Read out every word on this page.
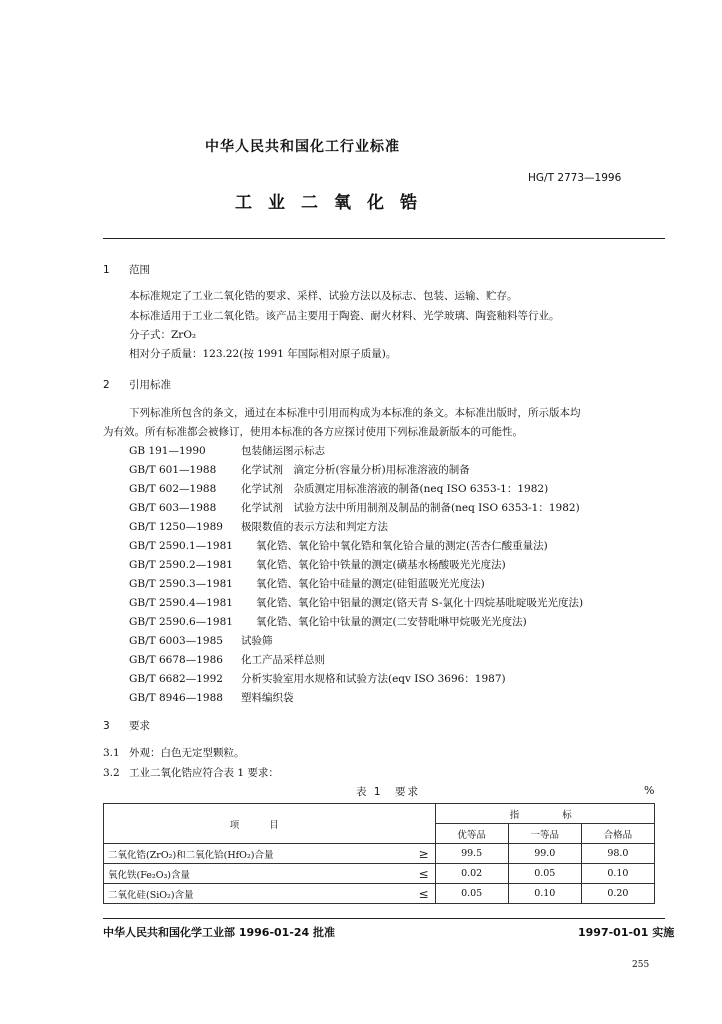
中华人民共和国化工行业标准
HG/T 2773—1996
工业二氧化锆
1 范围
本标准规定了工业二氧化锆的要求、采样、试验方法以及标志、包装、运输、贮存。
本标准适用于工业二氧化锆。该产品主要用于陶瓷、耐火材料、光学玻璃、陶瓷釉料等行业。
分子式：ZrO₂
相对分子质量：123.22(按 1991 年国际相对原子质量)。
2 引用标准
下列标准所包含的条文，通过在本标准中引用而构成为本标准的条文。本标准出版时，所示版本均
为有效。所有标准都会被修订，使用本标准的各方应探讨使用下列标准最新版本的可能性。
GB 191—1990	包装储运图示标志
GB/T 601—1988 化学试剂　滴定分析(容量分析)用标准溶液的制备
GB/T 602—1988 化学试剂　杂质测定用标准溶液的制备(neq ISO 6353-1：1982)
GB/T 603—1988 化学试剂　试验方法中所用制剂及制品的制备(neq ISO 6353-1：1982)
GB/T 1250—1989 极限数值的表示方法和判定方法
GB/T 2590.1—1981 氧化锆、氧化铪中氧化锆和氧化铪合量的测定(苦杏仁酸重量法)
GB/T 2590.2—1981 氧化锆、氧化铪中铁量的测定(磺基水杨酸吸光光度法)
GB/T 2590.3—1981 氧化锆、氧化铪中硅量的测定(硅钼蓝吸光光度法)
GB/T 2590.4—1981 氧化锆、氧化铪中铝量的测定(铬天青 S-氯化十四烷基吡啶吸光光度法)
GB/T 2590.6—1981 氧化锆、氧化铪中钛量的测定(二安替吡啉甲烷吸光光度法)
GB/T 6003—1985 试验筛
GB/T 6678—1986 化工产品采样总则
GB/T 6682—1992 分析实验室用水规格和试验方法(eqv ISO 3696：1987)
GB/T 8946—1988 塑料编织袋
3 要求
3.1 外观：白色无定型颗粒。
3.2 工业二氧化锆应符合表 1 要求：
表 1　要求	%
项目		指　　标		
		优等品	一等品	合格品
二氧化锆(ZrO₂)和二氧化铪(HfO₂)合量	≥	99.5	99.0	98.0
氧化铁(Fe₂O₃)含量	≤	0.02	0.05	0.10
二氧化硅(SiO₂)含量	≤	0.05	0.10	0.20
中华人民共和国化学工业部 1996-01-24 批准	1997-01-01 实施
255
